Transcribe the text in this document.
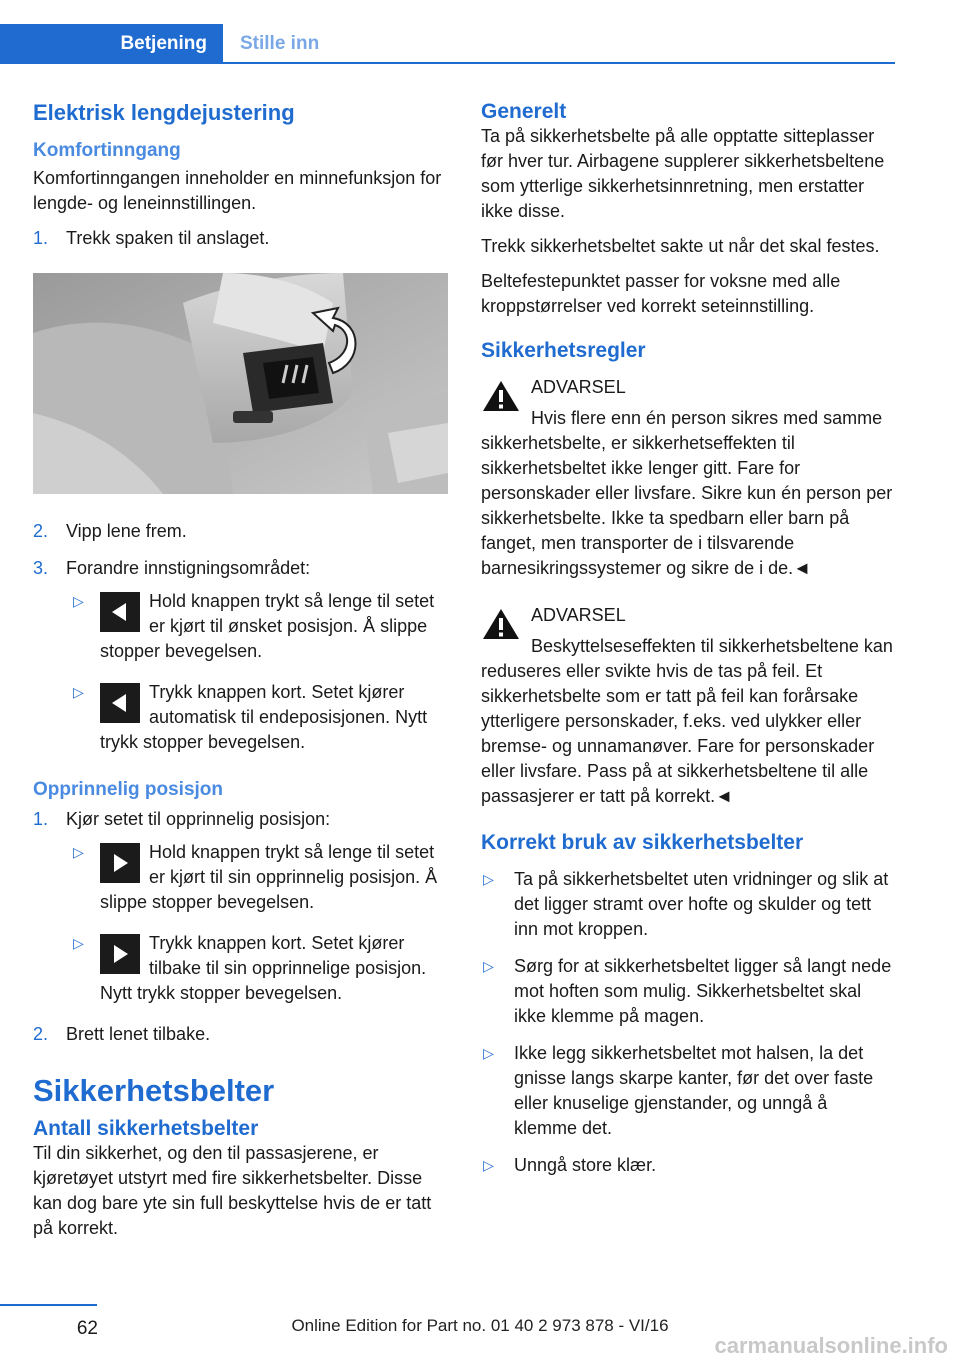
Betjening Stille inn
Elektrisk lengdejustering
Komfortinngang
Komfortinngangen inneholder en minnefunksjon for lengde- og leneinnstillingen.
1. Trekk spaken til anslaget.
2. Vipp lene frem.
3. Forandre innstigningsområdet:
▷	Hold knappen trykt så lenge til setet er kjørt til ønsket posisjon. Å slippe stopper bevegelsen.
▷	Trykk knappen kort. Setet kjører automatisk til endeposisjonen. Nytt trykk stopper bevegelsen.
Opprinnelig posisjon
1. Kjør setet til opprinnelig posisjon:
▷	Hold knappen trykt så lenge til setet er kjørt til sin opprinnelig posisjon. Å slippe stopper bevegelsen.
▷	Trykk knappen kort. Setet kjører tilbake til sin opprinnelige posisjon. Nytt trykk stopper bevegelsen.
2. Brett lenet tilbake.
Sikkerhetsbelter
Antall sikkerhetsbelter
Til din sikkerhet, og den til passasjerene, er kjøretøyet utstyrt med fire sikkerhetsbelter. Disse kan dog bare yte sin full beskyttelse hvis de er tatt på korrekt.
Generelt
Ta på sikkerhetsbelte på alle opptatte sitteplasser før hver tur. Airbagene supplerer sikkerhetsbeltene som ytterlige sikkerhetsinnretning, men erstatter ikke disse.
Trekk sikkerhetsbeltet sakte ut når det skal festes.
Beltefestepunktet passer for voksne med alle kroppstørrelser ved korrekt seteinnstilling.
Sikkerhetsregler
ADVARSEL
Hvis flere enn én person sikres med samme sikkerhetsbelte, er sikkerhetseffekten til sikkerhetsbeltet ikke lenger gitt. Fare for personskader eller livsfare. Sikre kun én person per sikkerhetsbelte. Ikke ta spedbarn eller barn på fanget, men transporter de i tilsvarende barnesikringssystemer og sikre de i de.◄
ADVARSEL
Beskyttelseseffekten til sikkerhetsbeltene kan reduseres eller svikte hvis de tas på feil. Et sikkerhetsbelte som er tatt på feil kan forårsake ytterligere personskader, f.eks. ved ulykker eller bremse- og unnamanøver. Fare for personskader eller livsfare. Pass på at sikkerhetsbeltene til alle passasjerer er tatt på korrekt.◄
Korrekt bruk av sikkerhetsbelter
▷ Ta på sikkerhetsbeltet uten vridninger og slik at det ligger stramt over hofte og skulder og tett inn mot kroppen.
▷ Sørg for at sikkerhetsbeltet ligger så langt nede mot hoften som mulig. Sikkerhetsbeltet skal ikke klemme på magen.
▷ Ikke legg sikkerhetsbeltet mot halsen, la det gnisse langs skarpe kanter, før det over faste eller knuselige gjenstander, og unngå å klemme det.
▷ Unngå store klær.
62	Online Edition for Part no. 01 40 2 973 878 - VI/16
carmanualsonline.info
